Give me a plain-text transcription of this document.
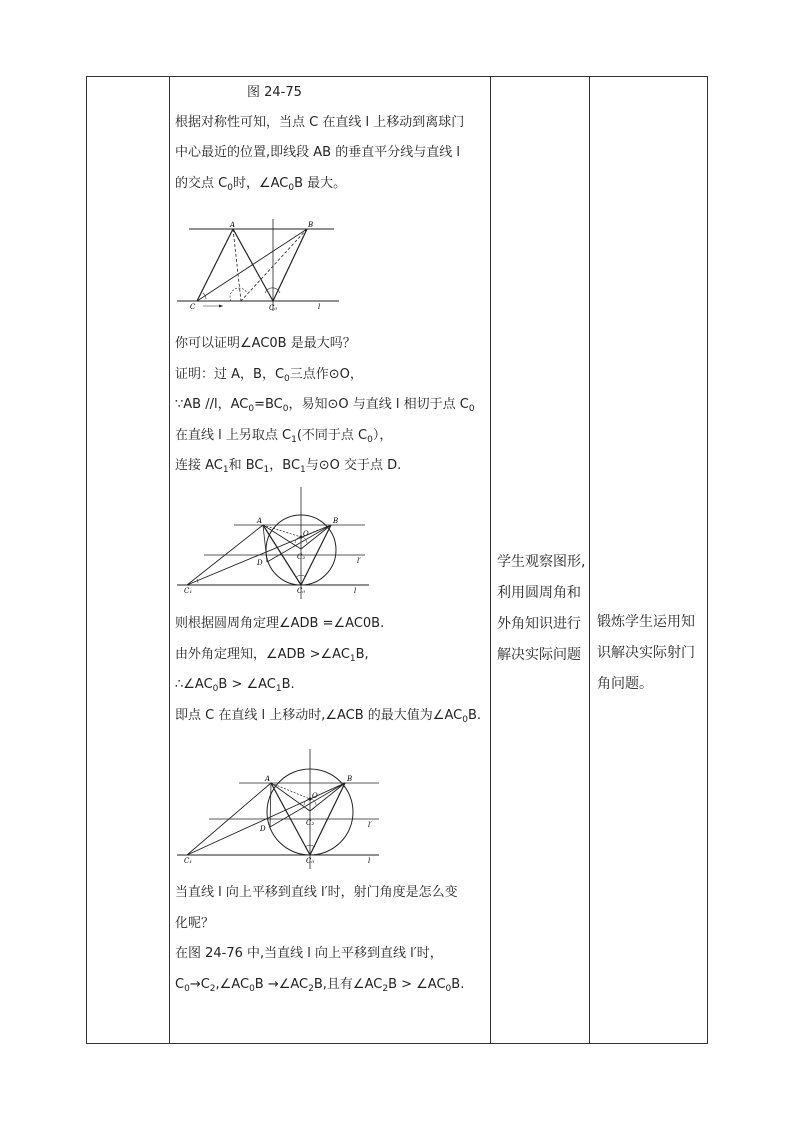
图 24-75
根据对称性可知，当点 C 在直线 l 上移动到离球门
中心最近的位置,即线段 AB 的垂直平分线与直线 l
的交点 $C_0$时，$\angle AC_0B$ 最大。
A	B
C	C₀	l
你可以证明∠AC0B 是最大吗？
证明：过 A，B，$C_0$三点作⊙O，
∵AB //l，$AC_0=BC_0$，易知⊙O 与直线 l 相切于点 $C_0$
在直线 l 上另取点 $C_1$(不同于点 $C_0$），
连接 $AC_1$和 $BC_1$，$BC_1$与⊙O 交于点 D.
A	B
O
C₂
D
C₁	C₀	l
l′
则根据圆周角定理∠ADB =∠AC0B.
由外角定理知，∠ADB $>\angle AC_1B$,
$\therefore\angle AC_0B$ > $\angle AC_1B$.
即点 C 在直线 l 上移动时,∠ACB 的最大值为$\angle AC_0B$.
A	B
O
C₂
D
C₁	C₀	l
l′
当直线 l 向上平移到直线 l′时，射门角度是怎么变
化呢？
在图 24-76 中,当直线 l 向上平移到直线 l′时，
$C_0\to C_2,\angle AC_0B$ $\to\angle AC_2B$,且有$\angle AC_2B$ > $\angle AC_0B$.
学生观察图形,
利用圆周角和
外角知识进行
解决实际问题
锻炼学生运用知
识解决实际射门
角问题。
